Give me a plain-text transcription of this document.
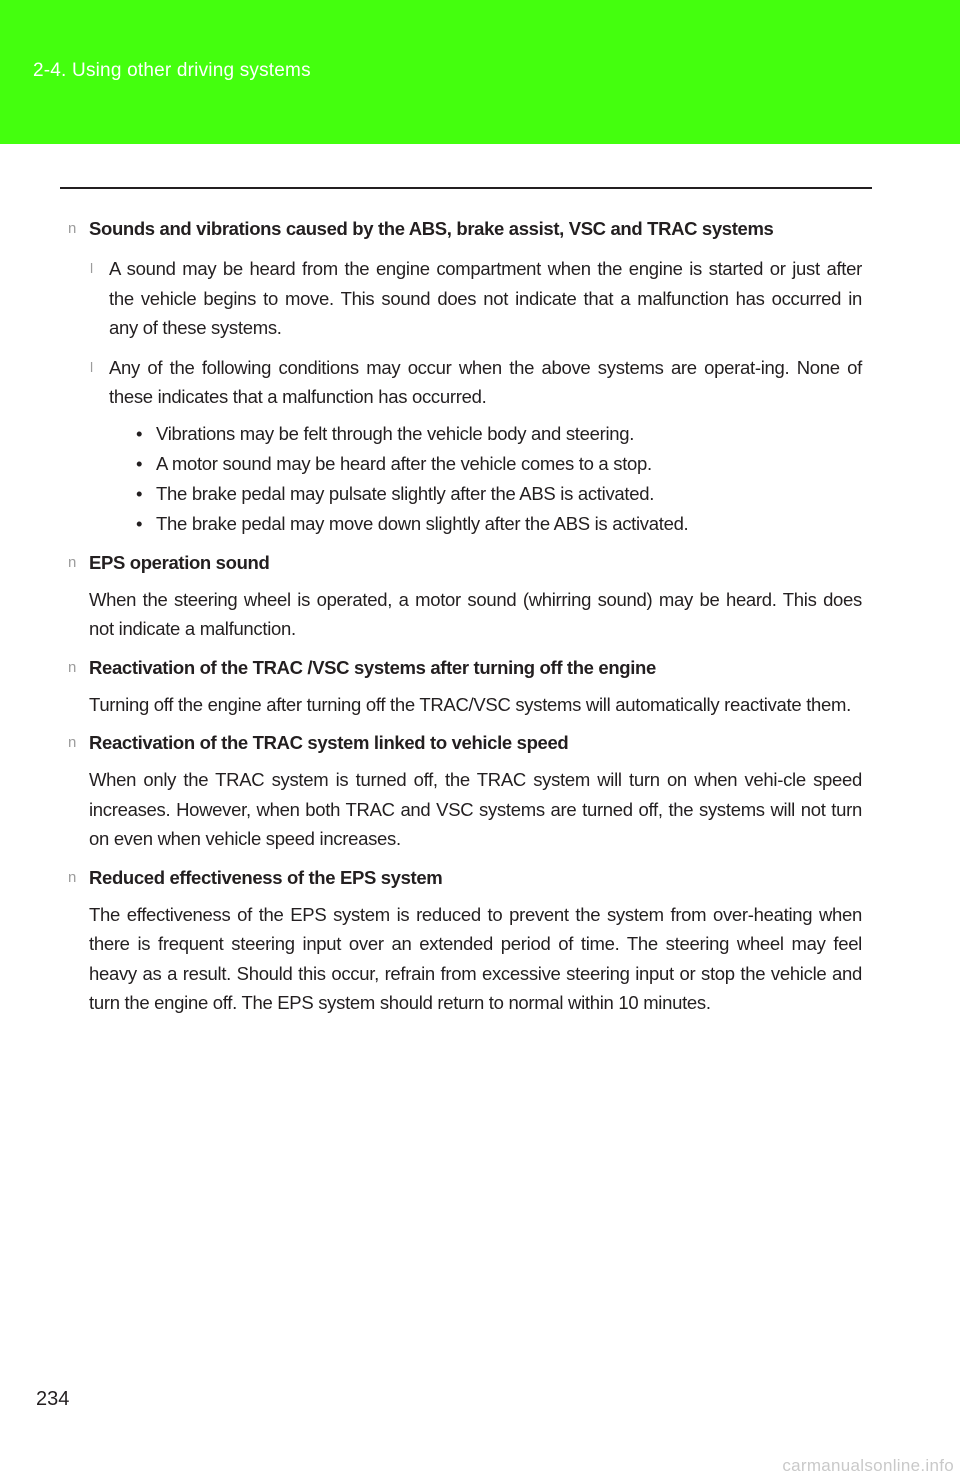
2-4. Using other driving systems
n Sounds and vibrations caused by the ABS, brake assist, VSC and TRAC systems
l A sound may be heard from the engine compartment when the engine is started or just after the vehicle begins to move. This sound does not indicate that a malfunction has occurred in any of these systems.

l Any of the following conditions may occur when the above systems are operat-ing. None of these indicates that a malfunction has occurred.

• Vibrations may be felt through the vehicle body and steering.
• A motor sound may be heard after the vehicle comes to a stop.
• The brake pedal may pulsate slightly after the ABS is activated.
• The brake pedal may move down slightly after the ABS is activated.
n EPS operation sound

When the steering wheel is operated, a motor sound (whirring sound) may be heard. This does not indicate a malfunction.

n Reactivation of the TRAC /VSC systems after turning off the engine

Turning off the engine after turning off the TRAC/VSC systems will automatically reactivate them.

n Reactivation of the TRAC system linked to vehicle speed

When only the TRAC system is turned off, the TRAC system will turn on when vehi-cle speed increases. However, when both TRAC and VSC systems are turned off, the systems will not turn on even when vehicle speed increases.

n Reduced effectiveness of the EPS system

The effectiveness of the EPS system is reduced to prevent the system from over-heating when there is frequent steering input over an extended period of time. The steering wheel may feel heavy as a result. Should this occur, refrain from excessive steering input or stop the vehicle and turn the engine off. The EPS system should return to normal within 10 minutes.

234
carmanualsonline.info
